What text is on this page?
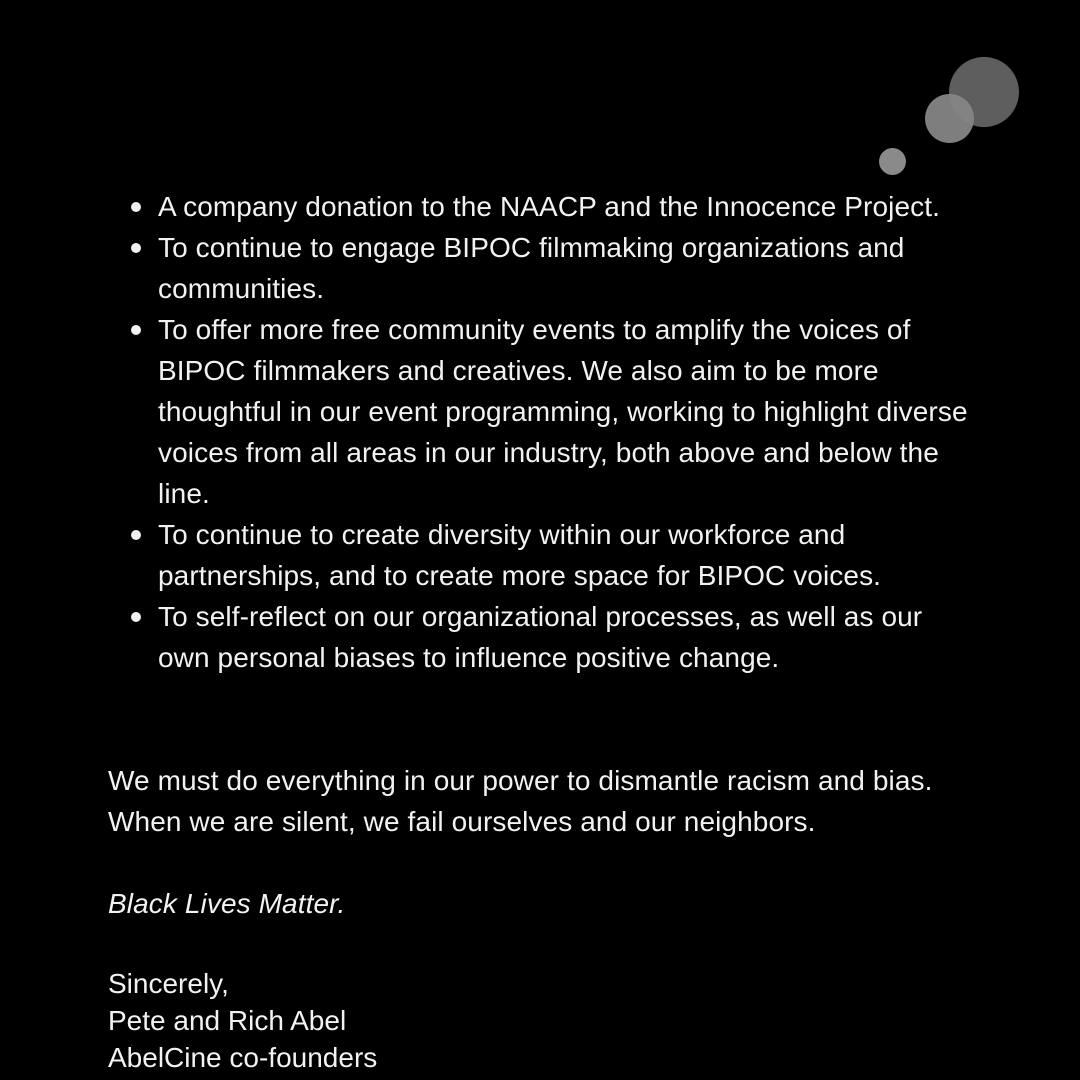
A company donation to the NAACP and the Innocence Project.
To continue to engage BIPOC filmmaking organizations and communities.
To offer more free community events to amplify the voices of BIPOC filmmakers and creatives. We also aim to be more thoughtful in our event programming, working to highlight diverse voices from all areas in our industry, both above and below the line.
To continue to create diversity within our workforce and partnerships, and to create more space for BIPOC voices.
To self-reflect on our organizational processes, as well as our own personal biases to influence positive change.

We must do everything in our power to dismantle racism and bias. When we are silent, we fail ourselves and our neighbors.

Black Lives Matter.

Sincerely,

Pete and Rich Abel

AbelCine co-founders
